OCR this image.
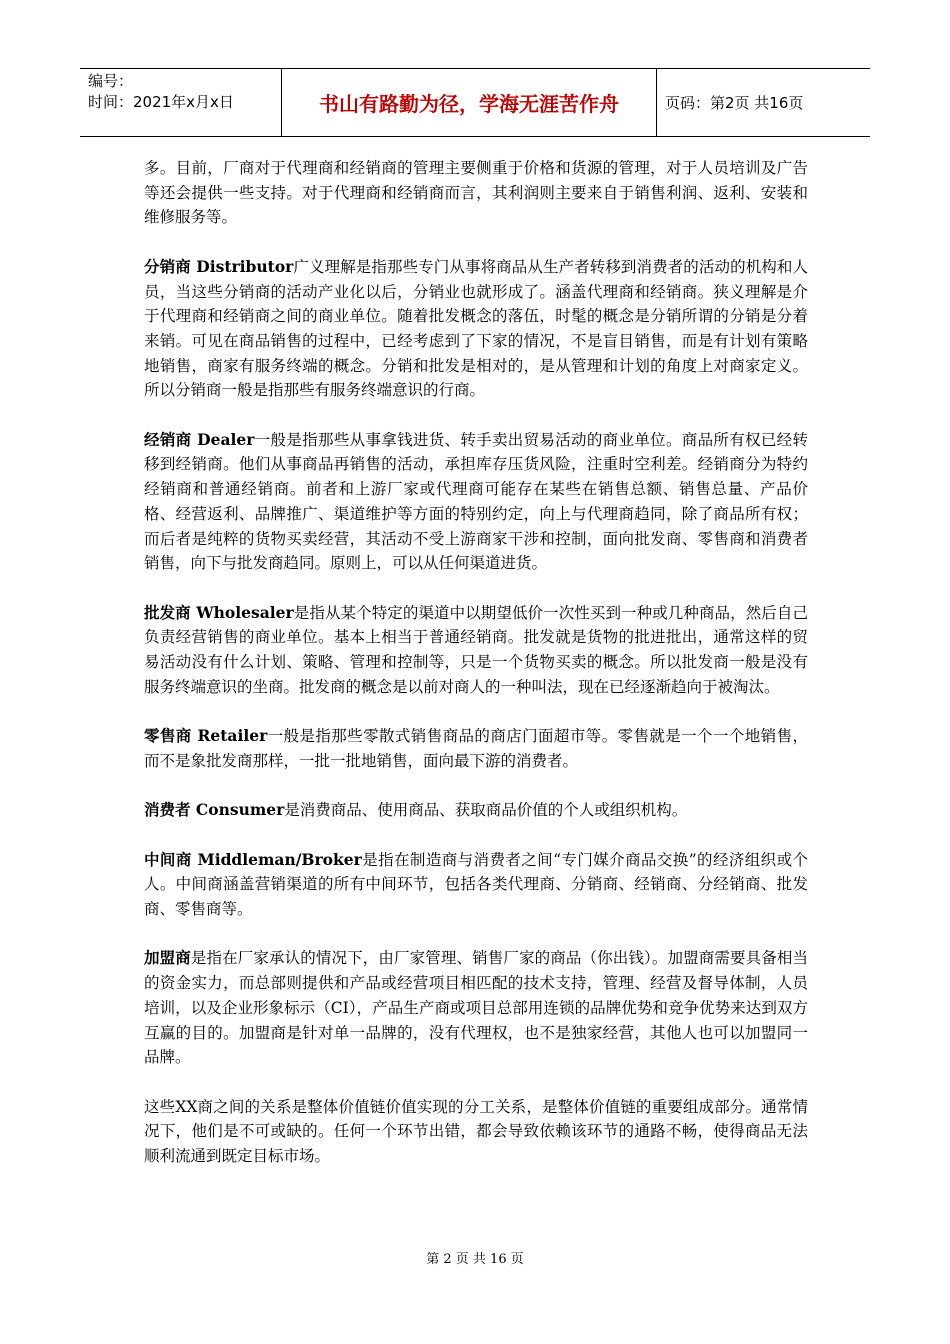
编号：
时间：2021年x月x日	书山有路勤为径，学海无涯苦作舟	页码：第2页 共16页

多。目前，厂商对于代理商和经销商的管理主要侧重于价格和货源的管理，对于人员培训及广告等还会提供一些支持。对于代理商和经销商而言，其利润则主要来自于销售利润、返利、安装和维修服务等。

分销商 Distributor广义理解是指那些专门从事将商品从生产者转移到消费者的活动的机构和人员，当这些分销商的活动产业化以后，分销业也就形成了。涵盖代理商和经销商。狭义理解是介于代理商和经销商之间的商业单位。随着批发概念的落伍，时髦的概念是分销所谓的分销是分着来销。可见在商品销售的过程中，已经考虑到了下家的情况，不是盲目销售，而是有计划有策略地销售，商家有服务终端的概念。分销和批发是相对的，是从管理和计划的角度上对商家定义。所以分销商一般是指那些有服务终端意识的行商。

经销商 Dealer一般是指那些从事拿钱进货、转手卖出贸易活动的商业单位。商品所有权已经转移到经销商。他们从事商品再销售的活动，承担库存压货风险，注重时空利差。经销商分为特约经销商和普通经销商。前者和上游厂家或代理商可能存在某些在销售总额、销售总量、产品价格、经营返利、品牌推广、渠道维护等方面的特别约定，向上与代理商趋同，除了商品所有权；而后者是纯粹的货物买卖经营，其活动不受上游商家干涉和控制，面向批发商、零售商和消费者销售，向下与批发商趋同。原则上，可以从任何渠道进货。

批发商 Wholesaler是指从某个特定的渠道中以期望低价一次性买到一种或几种商品，然后自己负责经营销售的商业单位。基本上相当于普通经销商。批发就是货物的批进批出，通常这样的贸易活动没有什么计划、策略、管理和控制等，只是一个货物买卖的概念。所以批发商一般是没有服务终端意识的坐商。批发商的概念是以前对商人的一种叫法，现在已经逐渐趋向于被淘汰。

零售商 Retailer一般是指那些零散式销售商品的商店门面超市等。零售就是一个一个地销售，而不是象批发商那样，一批一批地销售，面向最下游的消费者。

消费者 Consumer是消费商品、使用商品、获取商品价值的个人或组织机构。

中间商 Middleman/Broker是指在制造商与消费者之间“专门媒介商品交换”的经济组织或个人。中间商涵盖营销渠道的所有中间环节，包括各类代理商、分销商、经销商、分经销商、批发商、零售商等。

加盟商是指在厂家承认的情况下，由厂家管理、销售厂家的商品（你出钱）。加盟商需要具备相当的资金实力，而总部则提供和产品或经营项目相匹配的技术支持，管理、经营及督导体制，人员培训，以及企业形象标示（CI），产品生产商或项目总部用连锁的品牌优势和竞争优势来达到双方互赢的目的。加盟商是针对单一品牌的，没有代理权，也不是独家经营，其他人也可以加盟同一品牌。

这些XX商之间的关系是整体价值链价值实现的分工关系，是整体价值链的重要组成部分。通常情况下，他们是不可或缺的。任何一个环节出错，都会导致依赖该环节的通路不畅，使得商品无法顺利流通到既定目标市场。

第 2 页 共 16 页
